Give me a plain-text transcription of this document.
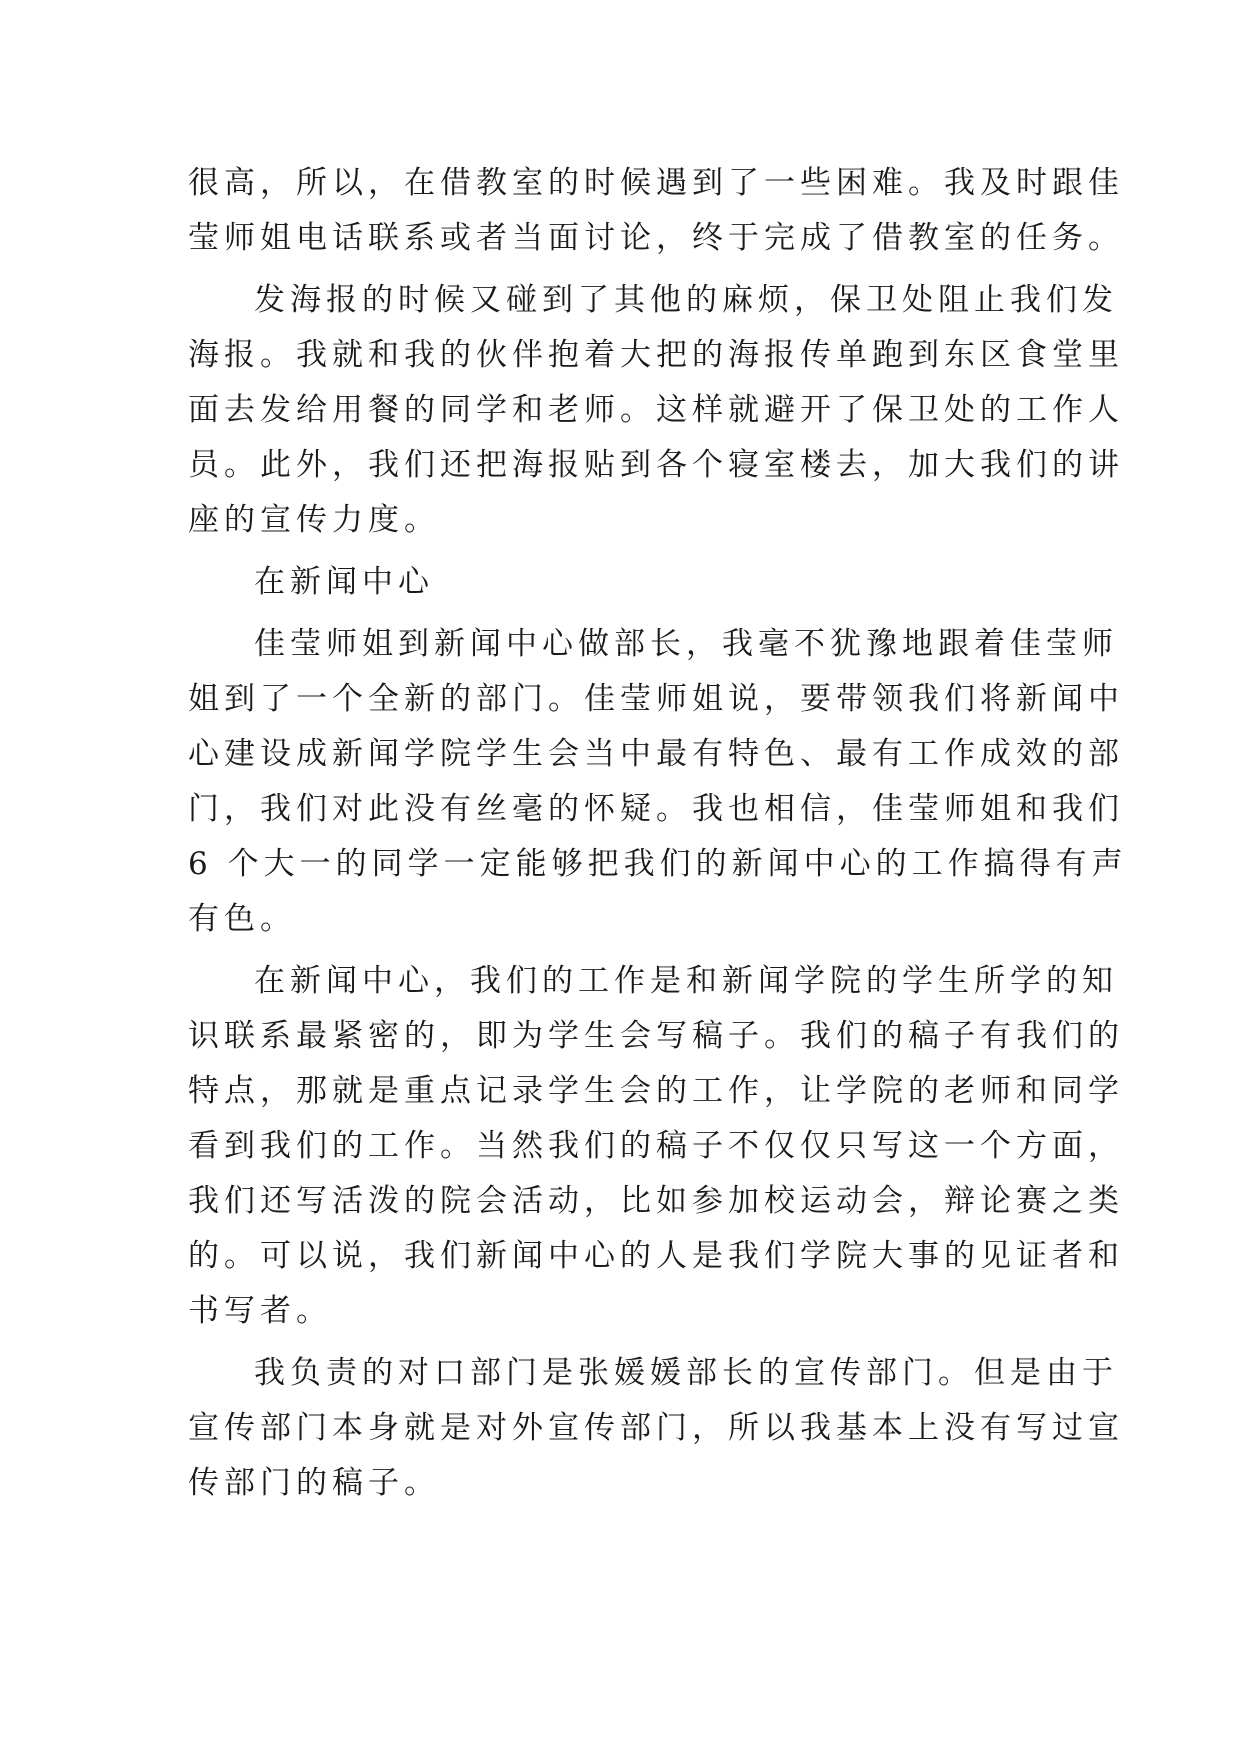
很高，所以，在借教室的时候遇到了一些困难。我及时跟佳
莹师姐电话联系或者当面讨论，终于完成了借教室的任务。
发海报的时候又碰到了其他的麻烦，保卫处阻止我们发
海报。我就和我的伙伴抱着大把的海报传单跑到东区食堂里
面去发给用餐的同学和老师。这样就避开了保卫处的工作人
员。此外，我们还把海报贴到各个寝室楼去，加大我们的讲
座的宣传力度。
在新闻中心
佳莹师姐到新闻中心做部长，我毫不犹豫地跟着佳莹师
姐到了一个全新的部门。佳莹师姐说，要带领我们将新闻中
心建设成新闻学院学生会当中最有特色、最有工作成效的部
门，我们对此没有丝毫的怀疑。我也相信，佳莹师姐和我们
6 个大一的同学一定能够把我们的新闻中心的工作搞得有声
有色。
在新闻中心，我们的工作是和新闻学院的学生所学的知
识联系最紧密的，即为学生会写稿子。我们的稿子有我们的
特点，那就是重点记录学生会的工作，让学院的老师和同学
看到我们的工作。当然我们的稿子不仅仅只写这一个方面，
我们还写活泼的院会活动，比如参加校运动会，辩论赛之类
的。可以说，我们新闻中心的人是我们学院大事的见证者和
书写者。
我负责的对口部门是张媛媛部长的宣传部门。但是由于
宣传部门本身就是对外宣传部门，所以我基本上没有写过宣
传部门的稿子。
